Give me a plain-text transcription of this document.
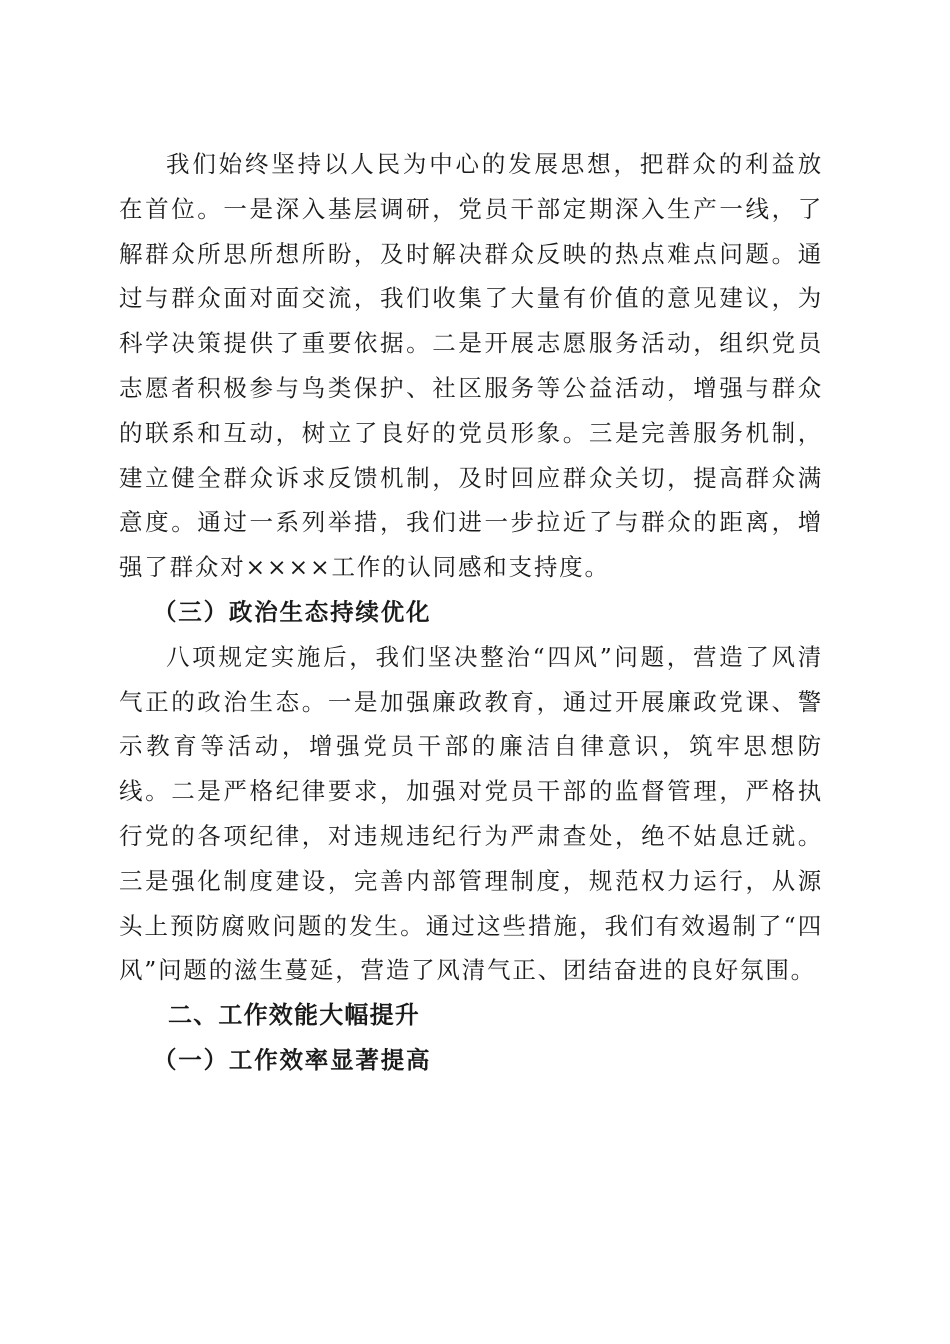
我们始终坚持以人民为中心的发展思想，把群众的利益放在首位。一是深入基层调研，党员干部定期深入生产一线，了解群众所思所想所盼，及时解决群众反映的热点难点问题。通过与群众面对面交流，我们收集了大量有价值的意见建议，为科学决策提供了重要依据。二是开展志愿服务活动，组织党员志愿者积极参与鸟类保护、社区服务等公益活动，增强与群众的联系和互动，树立了良好的党员形象。三是完善服务机制，建立健全群众诉求反馈机制，及时回应群众关切，提高群众满意度。通过一系列举措，我们进一步拉近了与群众的距离，增强了群众对××××工作的认同感和支持度。

（三）政治生态持续优化

八项规定实施后，我们坚决整治“四风”问题，营造了风清气正的政治生态。一是加强廉政教育，通过开展廉政党课、警示教育等活动，增强党员干部的廉洁自律意识，筑牢思想防线。二是严格纪律要求，加强对党员干部的监督管理，严格执行党的各项纪律，对违规违纪行为严肃查处，绝不姑息迁就。三是强化制度建设，完善内部管理制度，规范权力运行，从源头上预防腐败问题的发生。通过这些措施，我们有效遏制了“四风”问题的滋生蔓延，营造了风清气正、团结奋进的良好氛围。

二、工作效能大幅提升

（一）工作效率显著提高
